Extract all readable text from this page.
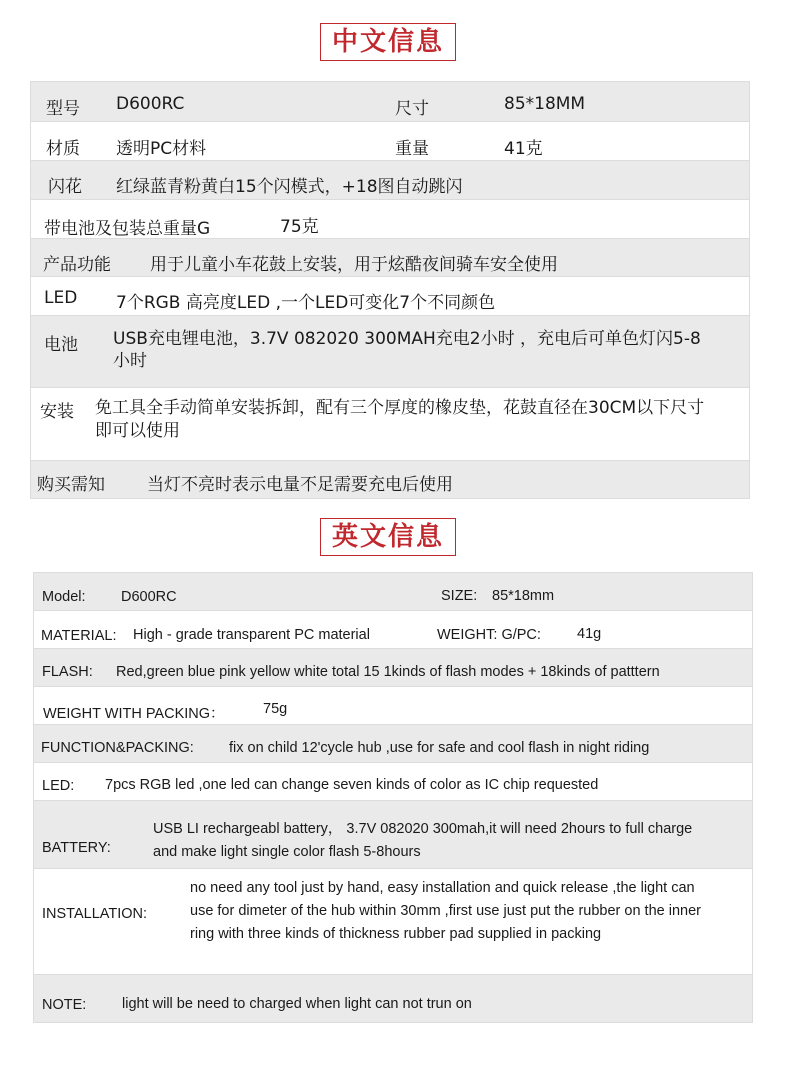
中文信息
型号 D600RC	尺寸	85*18MM
材质 透明PC材料	重量	41克
闪花 红绿蓝青粉黄白15个闪模式，+18图自动跳闪
带电池及包装总重量G	75克
产品功能 用于儿童小车花鼓上安装，用于炫酷夜间骑车安全使用
LED 7个RGB 高亮度LED ,一个LED可变化7个不同颜色
电池 USB充电锂电池，3.7V 082020 300MAH充电2小时 ，充电后可单色灯闪5-8小时
安装 免工具全手动简单安装拆卸，配有三个厚度的橡皮垫，花鼓直径在30CM以下尺寸即可以使用
购买需知 当灯不亮时表示电量不足需要充电后使用
英文信息
Model: D600RC	SIZE: 85*18mm
MATERIAL: High - grade transparent PC material	WEIGHT: G/PC: 41g
FLASH: Red,green blue pink yellow white total 15 1kinds of flash modes + 18kinds of patttern
WEIGHT WITH PACKING：	75g
FUNCTION&PACKING: fix on child 12'cycle hub ,use for safe and cool flash in night riding
LED: 7pcs RGB led ,one led can change seven kinds of color as IC chip requested
BATTERY:
USB LI rechargeabl battery， 3.7V 082020 300mah,it will need 2hours to full charge and make light single color flash 5-8hours
INSTALLATION:
no need any tool just by hand, easy installation and quick release ,the light can use for dimeter of the hub within 30mm ,first use just put the rubber on the inner ring with three kinds of thickness rubber pad supplied in packing
NOTE: light will be need to charged when light can not trun on
